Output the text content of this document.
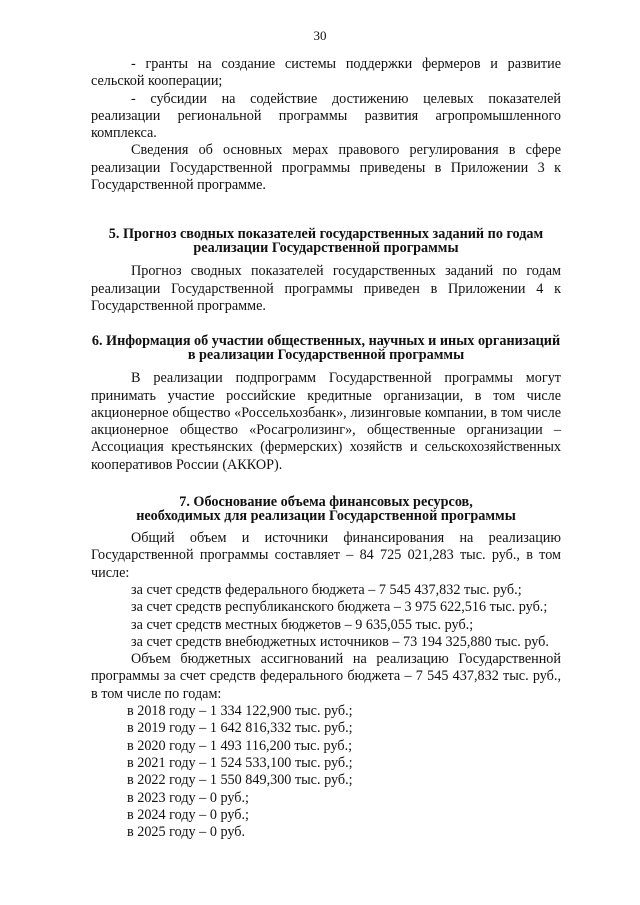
30

- гранты на создание системы поддержки фермеров и развитие сельской кооперации;

- субсидии на содействие достижению целевых показателей реализации региональной программы развития агропромышленного комплекса.

Сведения об основных мерах правового регулирования в сфере реализации Государственной программы приведены в Приложении 3 к Государственной программе.

5. Прогноз сводных показателей государственных заданий по годам
реализации Государственной программы

Прогноз сводных показателей государственных заданий по годам реализации Государственной программы приведен в Приложении 4 к Государственной программе.

6. Информация об участии общественных, научных и иных организаций
в реализации Государственной программы

В реализации подпрограмм Государственной программы могут принимать участие российские кредитные организации, в том числе акционерное общество «Россельхозбанк», лизинговые компании, в том числе акционерное общество «Росагролизинг», общественные организации – Ассоциация крестьянских (фермерских) хозяйств и сельскохозяйственных кооперативов России (АККОР).

7. Обоснование объема финансовых ресурсов,
необходимых для реализации Государственной программы

Общий объем и источники финансирования на реализацию Государственной программы составляет – 84 725 021,283 тыс. руб., в том числе:

за счет средств федерального бюджета – 7 545 437,832 тыс. руб.;
за счет средств республиканского бюджета – 3 975 622,516 тыс. руб.;
за счет средств местных бюджетов – 9 635,055 тыс. руб.;
за счет средств внебюджетных источников – 73 194 325,880 тыс. руб.

Объем бюджетных ассигнований на реализацию Государственной программы за счет средств федерального бюджета – 7 545 437,832 тыс. руб., в том числе по годам:

в 2018 году – 1 334 122,900 тыс. руб.;
в 2019 году – 1 642 816,332 тыс. руб.;
в 2020 году – 1 493 116,200 тыс. руб.;
в 2021 году – 1 524 533,100 тыс. руб.;
в 2022 году – 1 550 849,300 тыс. руб.;
в 2023 году – 0 руб.;
в 2024 году – 0 руб.;
в 2025 году – 0 руб.
